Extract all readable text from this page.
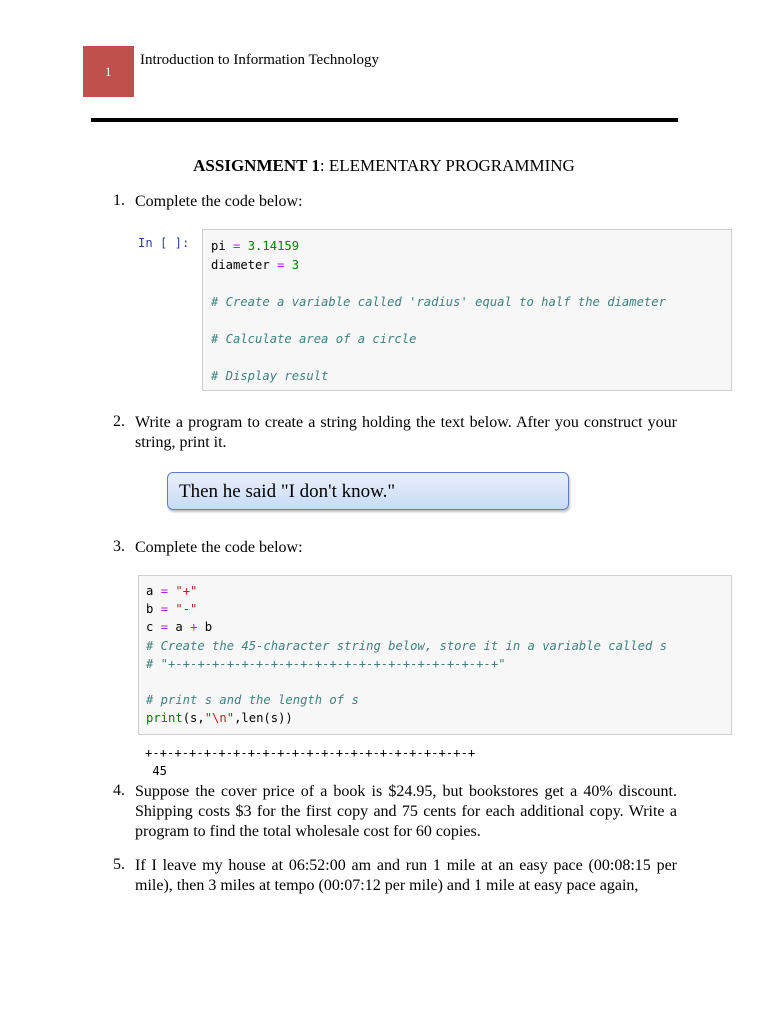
1
Introduction to Information Technology
ASSIGNMENT 1: ELEMENTARY PROGRAMMING
1. Complete the code below:
In [ ]: pi = 3.14159
diameter = 3

# Create a variable called 'radius' equal to half the diameter

# Calculate area of a circle

# Display result
2. Write a program to create a string holding the text below. After you construct your string, print it.
Then he said "I don't know."
3. Complete the code below:
a = "+"
b = "-"
c = a + b
# Create the 45-character string below, store it in a variable called s
# "+-+-+-+-+-+-+-+-+-+-+-+-+-+-+-+-+-+-+-+-+-+-+"

# print s and the length of s
print(s,"\n",len(s))
+-+-+-+-+-+-+-+-+-+-+-+-+-+-+-+-+-+-+-+-+-+-+
45
4. Suppose the cover price of a book is $24.95, but bookstores get a 40% discount. Shipping costs $3 for the first copy and 75 cents for each additional copy. Write a program to find the total wholesale cost for 60 copies.
5. If I leave my house at 06:52:00 am and run 1 mile at an easy pace (00:08:15 per mile), then 3 miles at tempo (00:07:12 per mile) and 1 mile at easy pace again,
